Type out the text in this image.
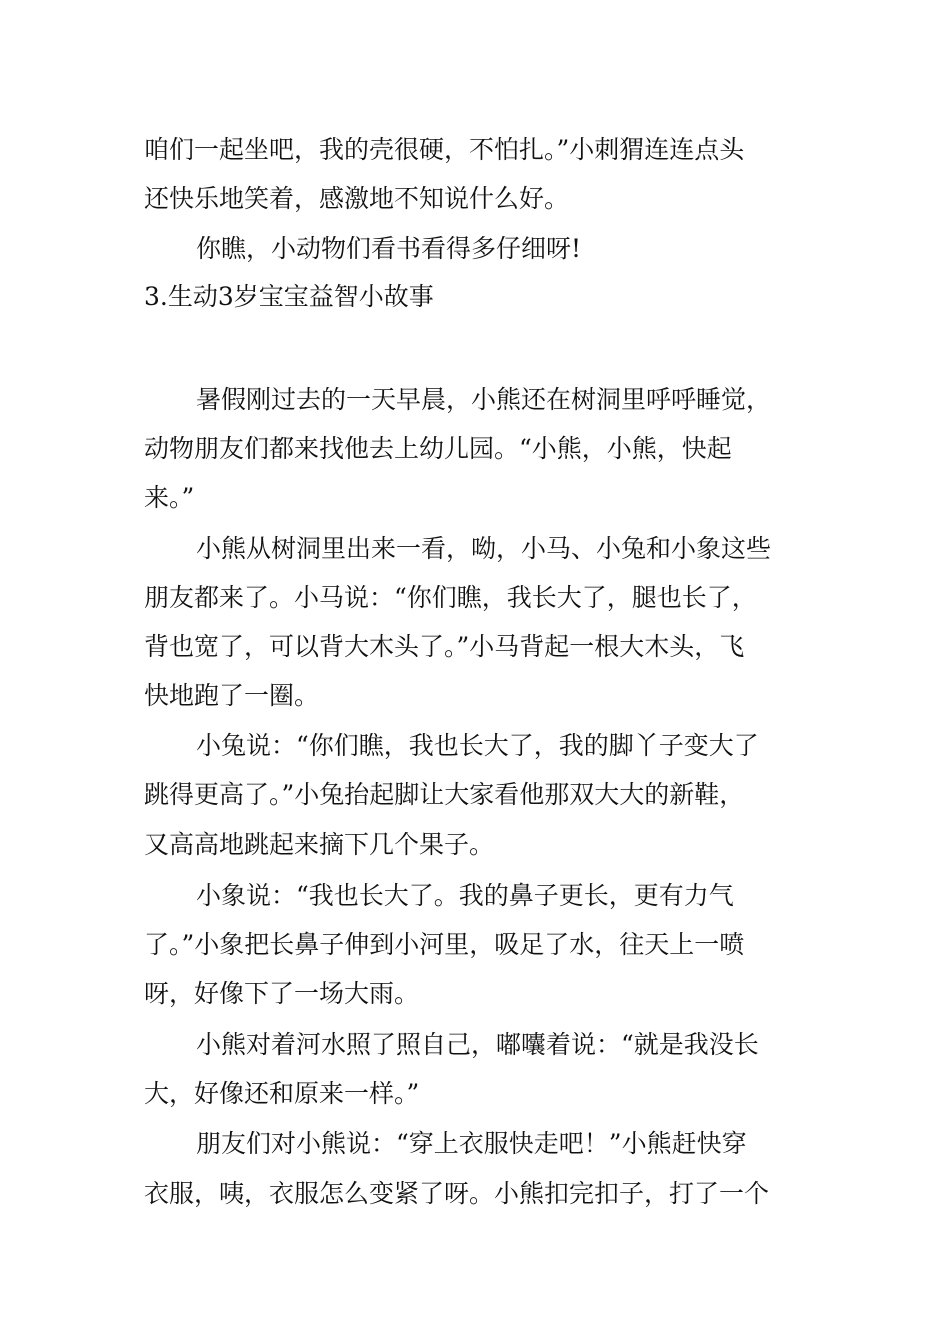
咱们一起坐吧，我的壳很硬，不怕扎。”小刺猬连连点头

还快乐地笑着，感激地不知说什么好。

你瞧，小动物们看书看得多仔细呀!

3.生动3岁宝宝益智小故事

暑假刚过去的一天早晨，小熊还在树洞里呼呼睡觉，

动物朋友们都来找他去上幼儿园。“小熊，小熊，快起

来。”

小熊从树洞里出来一看，呦，小马、小兔和小象这些

朋友都来了。小马说：“你们瞧，我长大了，腿也长了，

背也宽了，可以背大木头了。”小马背起一根大木头，飞

快地跑了一圈。

小兔说：“你们瞧，我也长大了，我的脚丫子变大了

跳得更高了。”小兔抬起脚让大家看他那双大大的新鞋，

又高高地跳起来摘下几个果子。

小象说：“我也长大了。我的鼻子更长，更有力气

了。”小象把长鼻子伸到小河里，吸足了水，往天上一喷

呀，好像下了一场大雨。

小熊对着河水照了照自己，嘟囔着说：“就是我没长

大，好像还和原来一样。”

朋友们对小熊说：“穿上衣服快走吧！”小熊赶快穿

衣服，咦，衣服怎么变紧了呀。小熊扣完扣子，打了一个
